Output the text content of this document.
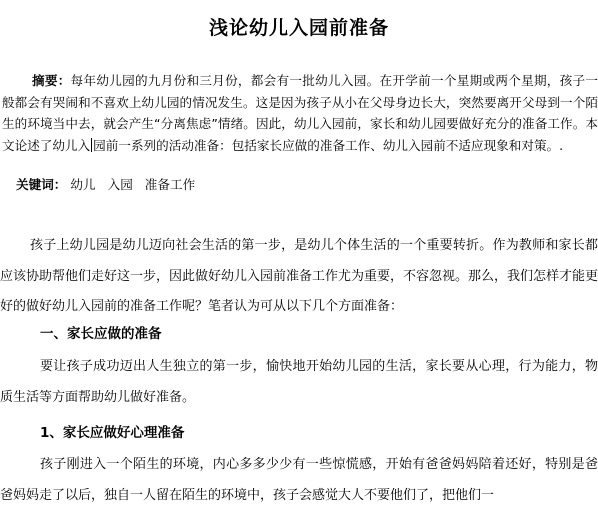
浅论幼儿入园前准备
摘要：每年幼儿园的九月份和三月份，都会有一批幼儿入园。在开学前一个星期或两个星期，孩子一般都会有哭闹和不喜欢上幼儿园的情况发生。这是因为孩子从小在父母身边长大，突然要离开父母到一个陌生的环境当中去，就会产生“分离焦虑”情绪。因此，幼儿入园前，家长和幼儿园要做好充分的准备工作。本文论述了幼儿入 园前一系列的活动准备：包括家长应做的准备工作、幼儿入园前不适应现象和对策。.
关键词： 幼儿 入园 准备工作
孩子上幼儿园是幼儿迈向社会生活的第一步，是幼儿个体生活的一个重要转折。作为教师和家长都应该协助帮他们走好这一步，因此做好幼儿入园前准备工作尤为重要，不容忽视。那么，我们怎样才能更好的做好幼儿入园前的准备工作呢？笔者认为可从以下几个方面准备：
一、家长应做的准备
要让孩子成功迈出人生独立的第一步，愉快地开始幼儿园的生活，家长要从心理，行为能力，物质生活等方面帮助幼儿做好准备。
1、家长应做好心理准备
孩子刚进入一个陌生的环境，内心多多少少有一些惊慌感，开始有爸爸妈妈陪着还好，特别是爸爸妈妈走了以后，独自一人留在陌生的环境中，孩子会感觉大人不要他们了，把他们一
